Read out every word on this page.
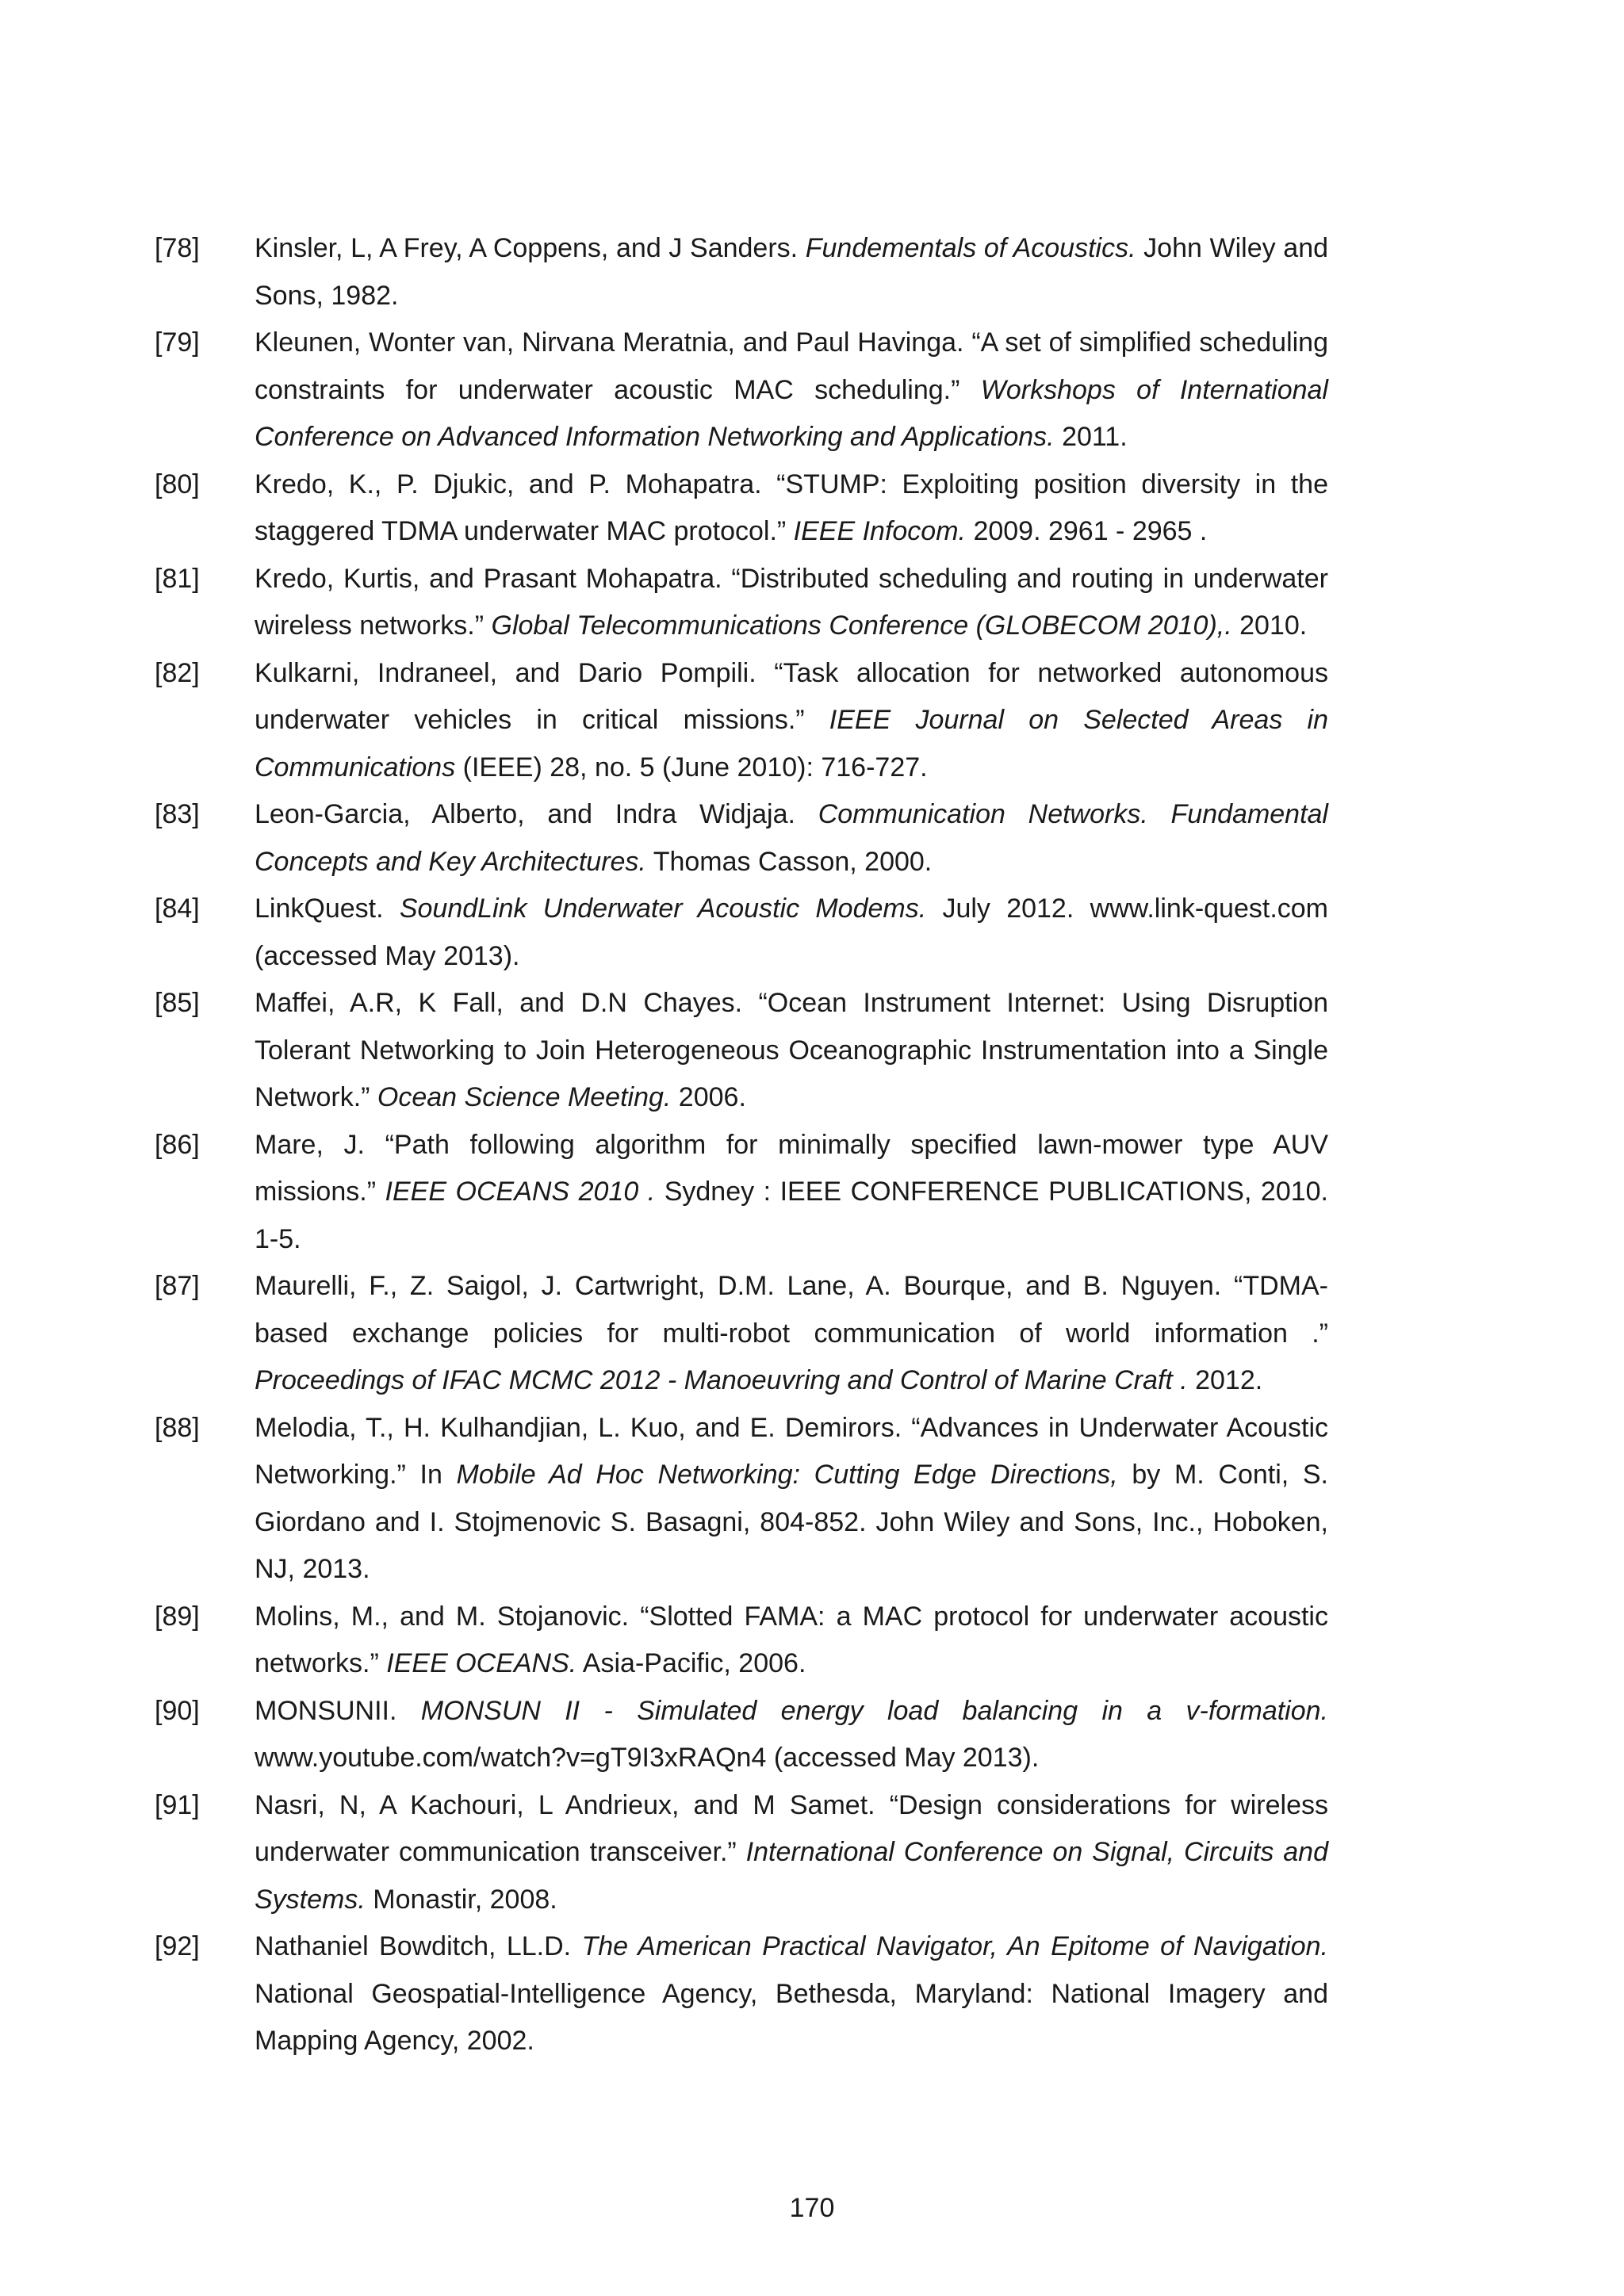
[78]	Kinsler, L, A Frey, A Coppens, and J Sanders. Fundementals of Acoustics. John Wiley and Sons, 1982.
[79]	Kleunen, Wonter van, Nirvana Meratnia, and Paul Havinga. “A set of simplified scheduling constraints for underwater acoustic MAC scheduling.” Workshops of International Conference on Advanced Information Networking and Applications. 2011.
[80]	Kredo, K., P. Djukic, and P. Mohapatra. “STUMP: Exploiting position diversity in the staggered TDMA underwater MAC protocol.” IEEE Infocom. 2009. 2961 - 2965 .
[81]	Kredo, Kurtis, and Prasant Mohapatra. “Distributed scheduling and routing in underwater wireless networks.” Global Telecommunications Conference (GLOBECOM 2010),. 2010.
[82]	Kulkarni, Indraneel, and Dario Pompili. “Task allocation for networked autonomous underwater vehicles in critical missions.” IEEE Journal on Selected Areas in Communications (IEEE) 28, no. 5 (June 2010): 716-727.
[83]	Leon-Garcia, Alberto, and Indra Widjaja. Communication Networks. Fundamental Concepts and Key Architectures. Thomas Casson, 2000.
[84]	LinkQuest. SoundLink Underwater Acoustic Modems. July 2012. www.link-quest.com (accessed May 2013).
[85]	Maffei, A.R, K Fall, and D.N Chayes. “Ocean Instrument Internet: Using Disruption Tolerant Networking to Join Heterogeneous Oceanographic Instrumentation into a Single Network.” Ocean Science Meeting. 2006.
[86]	Mare, J. “Path following algorithm for minimally specified lawn-mower type AUV missions.” IEEE OCEANS 2010 . Sydney : IEEE CONFERENCE PUBLICATIONS, 2010. 1-5.
[87]	Maurelli, F., Z. Saigol, J. Cartwright, D.M. Lane, A. Bourque, and B. Nguyen. “TDMA-based exchange policies for multi-robot communication of world information .” Proceedings of IFAC MCMC 2012 - Manoeuvring and Control of Marine Craft . 2012.
[88]	Melodia, T., H. Kulhandjian, L. Kuo, and E. Demirors. “Advances in Underwater Acoustic Networking.” In Mobile Ad Hoc Networking: Cutting Edge Directions, by M. Conti, S. Giordano and I. Stojmenovic S. Basagni, 804-852. John Wiley and Sons, Inc., Hoboken, NJ, 2013.
[89]	Molins, M., and M. Stojanovic. “Slotted FAMA: a MAC protocol for underwater acoustic networks.” IEEE OCEANS. Asia-Pacific, 2006.
[90]	MONSUNII. MONSUN II - Simulated energy load balancing in a v-formation. www.youtube.com/watch?v=gT9I3xRAQn4 (accessed May 2013).
[91]	Nasri, N, A Kachouri, L Andrieux, and M Samet. “Design considerations for wireless underwater communication transceiver.” International Conference on Signal, Circuits and Systems. Monastir, 2008.
[92]	Nathaniel Bowditch, LL.D. The American Practical Navigator, An Epitome of Navigation. National Geospatial-Intelligence Agency, Bethesda, Maryland: National Imagery and Mapping Agency, 2002.
170
